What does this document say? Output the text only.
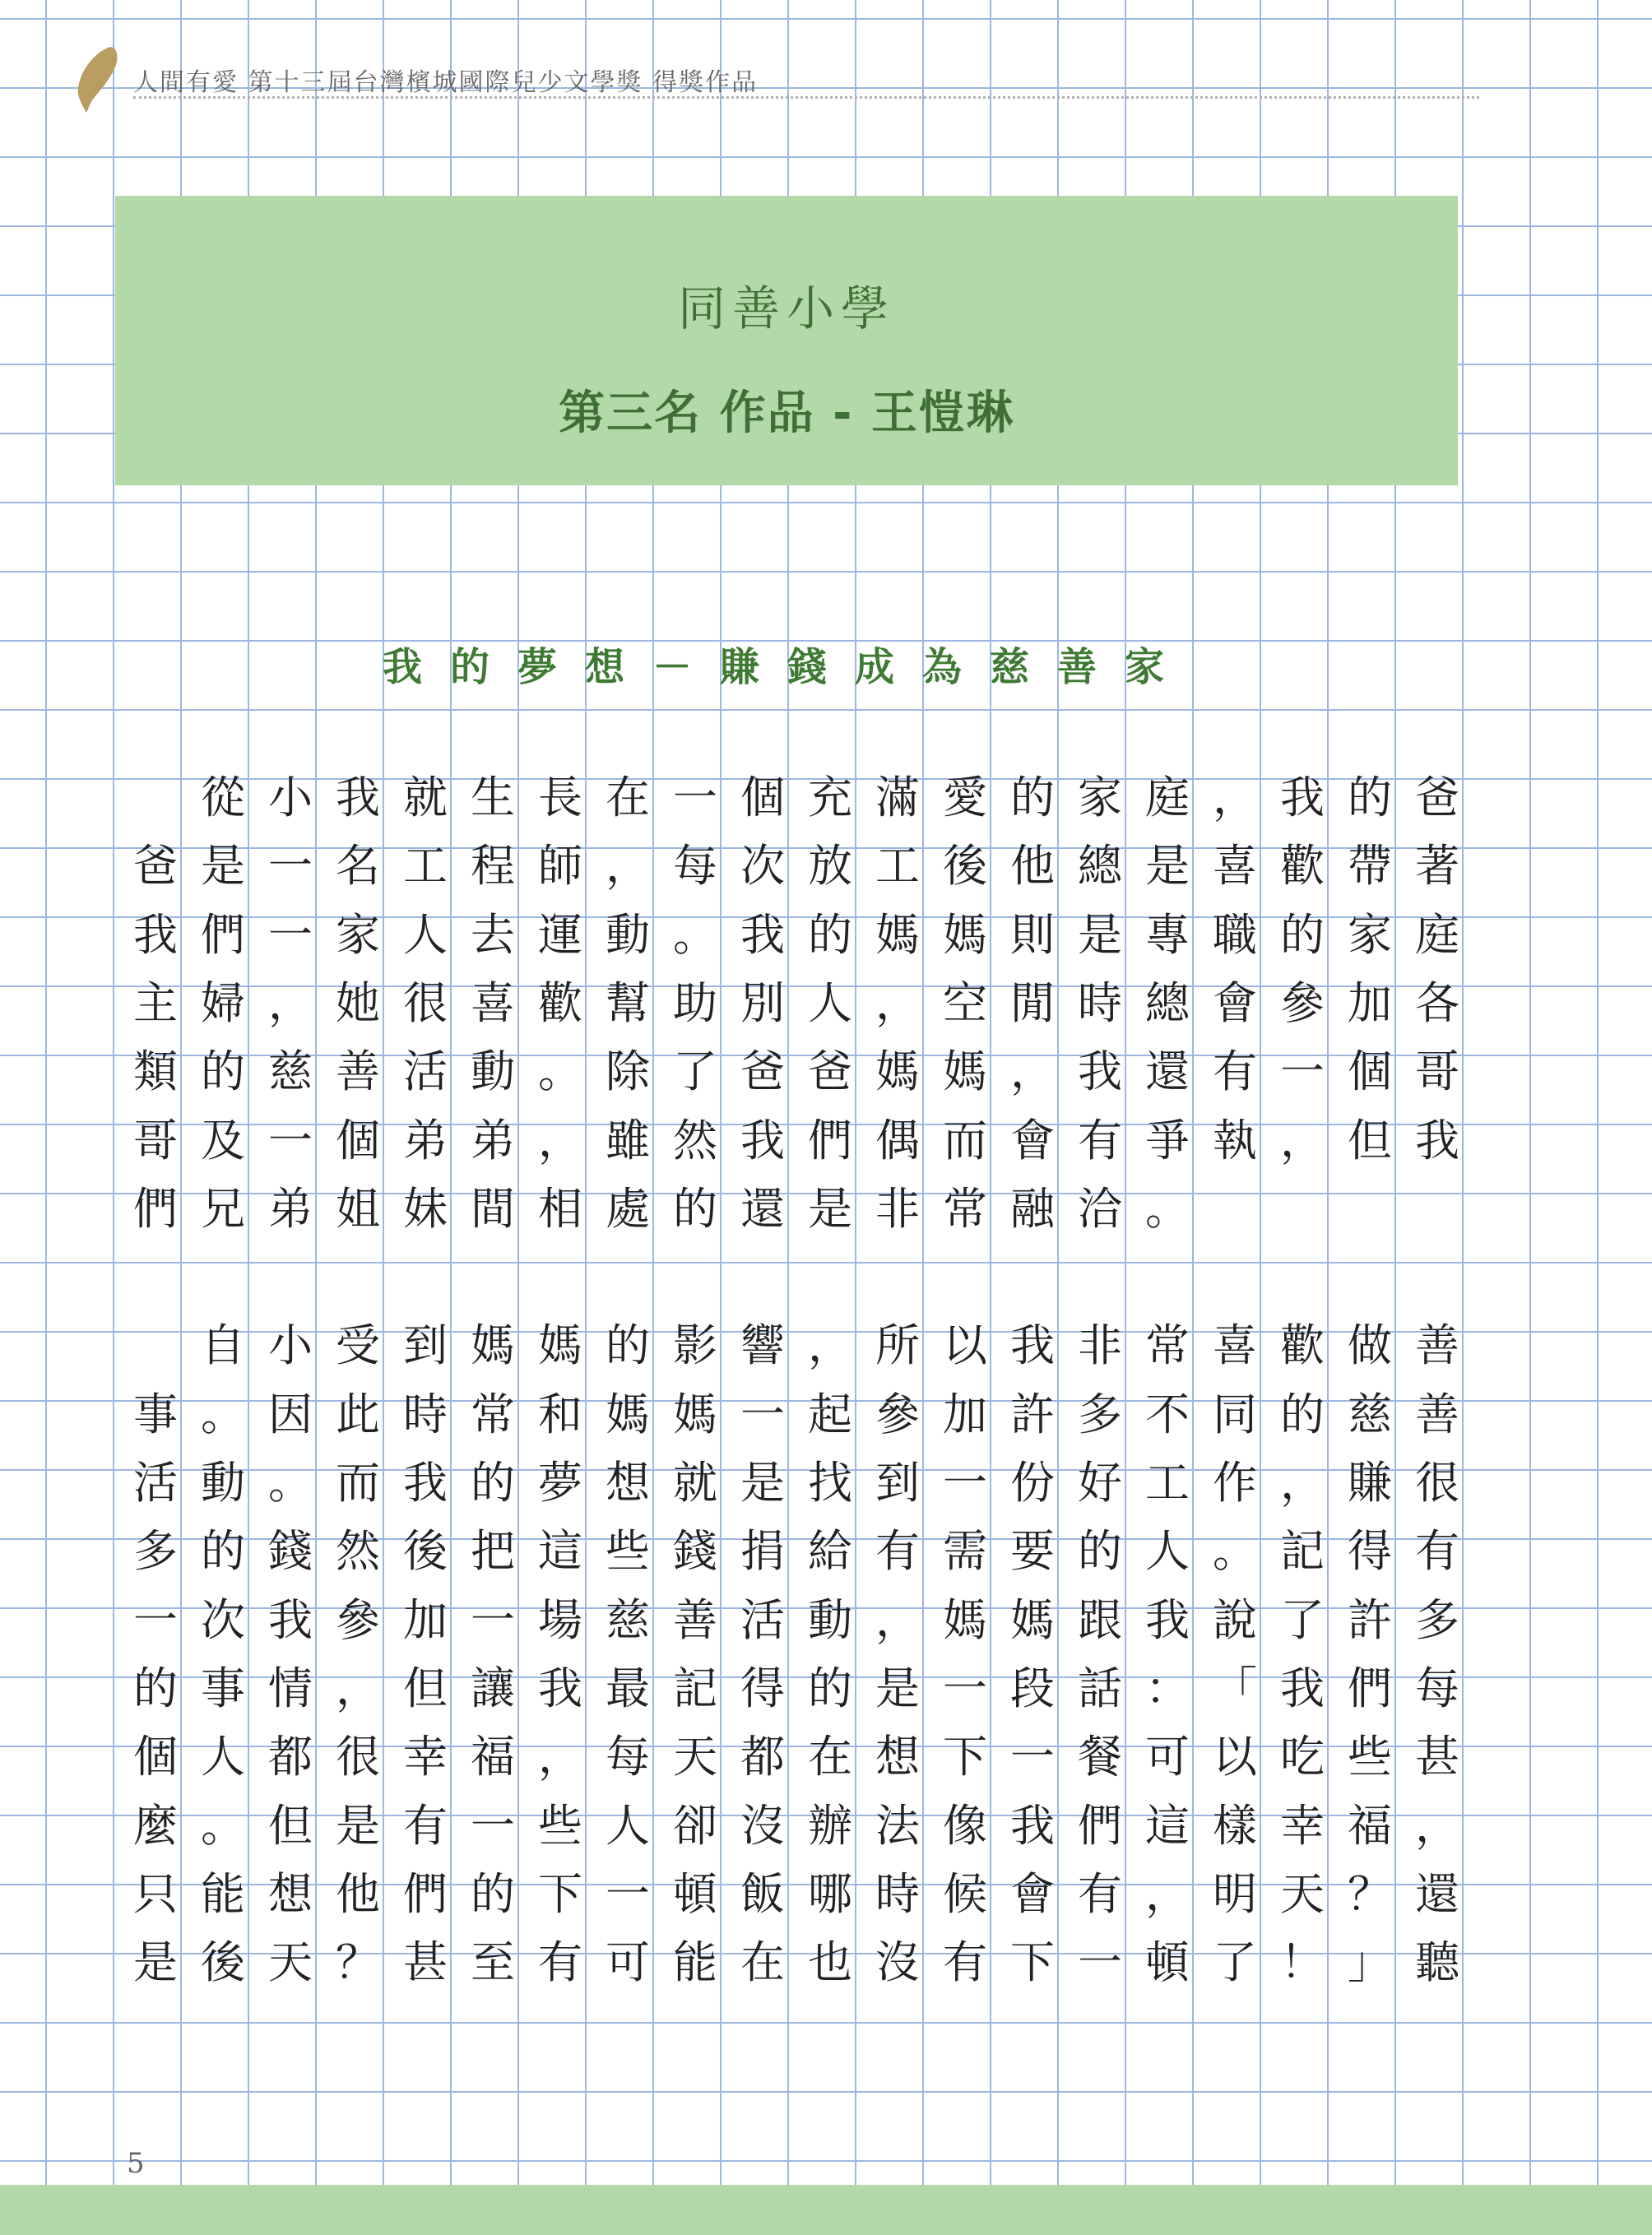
人間有愛 第十三屆台灣檳城國際兒少文學獎 得獎作品
同善小學
第三名 作品 - 王愷琳
我的夢想－賺錢成為慈善家
從 小 我 就 生 長 在 一 個 充 滿 愛 的 家 庭 ， 我 的 爸
爸 是 一 名 工 程 師 ， 每 次 放 工 後 他 總 是 喜 歡 帶 著
我 們 一 家 人 去 運 動 。 我 的 媽 媽 則 是 專 職 的 家 庭
主 婦 ， 她 很 喜 歡 幫 助 別 人 ， 空 閒 時 總 會 參 加 各
類 的 慈 善 活 動 。 除 了 爸 爸 媽 媽 ， 我 還 有 一 個 哥
哥 及 一 個 弟 弟 ， 雖 然 我 們 偶 而 會 有 爭 執 ， 但 我
們 兄 弟 姐 妹 間 相 處 的 還 是 非 常 融 洽 。
自 小 受 到 媽 媽 的 影 響 ， 所 以 我 非 常 喜 歡 做 善
事 。 因 此 時 常 和 媽 媽 一 起 參 加 許 多 不 同 的 慈 善
活 動 。 而 我 的 夢 想 就 是 找 到 一 份 好 工 作 ， 賺 很
多 的 錢 然 後 把 這 些 錢 捐 給 有 需 要 的 人 。 記 得 有
一 次 我 參 加 一 場 慈 善 活 動 ， 媽 媽 跟 我 說 了 許 多
的 事 情 ， 但 讓 我 最 記 得 的 是 一 段 話 ： 「 我 們 每
個 人 都 很 幸 福 ， 每 天 都 在 想 下 一 餐 可 以 吃 些 甚
麼 。 但 是 有 一 些 人 卻 沒 辦 法 像 我 們 這 樣 幸 福 ，
只 能 想 他 們 的 下 一 頓 飯 哪 時 候 會 有 ， 明 天 ？ 還
是 後 天 ？ 甚 至 有 可 能 在 也 沒 有 下 一 頓 了 ！ 」 聽
5
